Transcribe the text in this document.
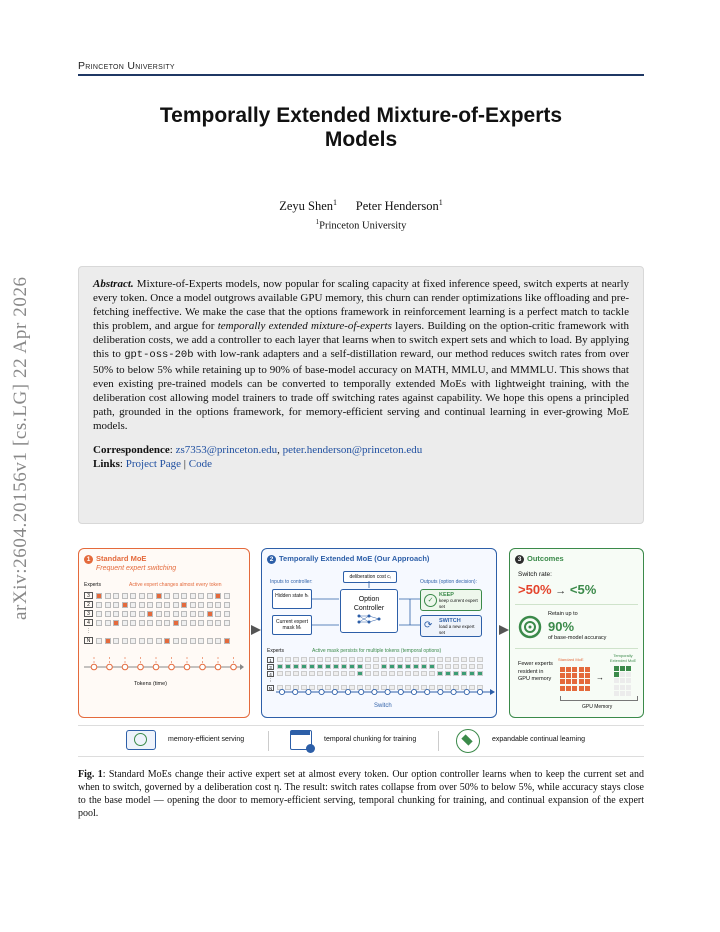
Princeton University
Temporally Extended Mixture-of-Experts
Models
Zeyu Shen$^1$ Peter Henderson$^1$
$^1$Princeton University
arXiv:2604.20156v1 [cs.LG] 22 Apr 2026	Abstract. Mixture-of-Experts models, now popular for scaling capacity at fixed inference speed, switch experts at nearly every token. Once a model outgrows available GPU memory, this churn can render optimizations like offloading and pre-fetching ineffective. We make the case that the options framework in reinforcement learning is a perfect match to tackle this problem, and argue for temporally extended mixture-of-experts layers. Building on the option-critic framework with deliberation costs, we add a controller to each layer that learns when to switch expert sets and which to load. By applying this to gpt-oss-20b with low-rank adapters and a self-distillation reward, our method reduces switch rates from over 50% to below 5% while retaining up to 90% of base-model accuracy on MATH, MMLU, and MMMLU. This shows that even existing pre-trained models can be converted to temporally extended MoEs with lightweight training, with the deliberation cost allowing model trainers to trade off switching rates against capability. We hope this opens a principled path, grounded in the options framework, for memory-efficient serving and continual learning in ever-growing MoE models.
Correspondence: zs7353@princeton.edu, peter.henderson@princeton.edu
Links: Project Page | Code
1 Standard MoE
Frequent expert switching
Experts	Active expert changes almost every token
3
2
3
4
⋮
N
Tokens (time)
2 Temporally Extended MoE (Our Approach)
Inputs to controller:
deliberation cost cᵢ
Outputs (option decision):
Hidden state hₜ
Current expert mask Mₜ
Option Controller
✓
KEEP
keep current expert set
⟳ SWITCH
load a new expert set
Experts	Active mask persists for multiple tokens (temporal options)
1
3
4
⋮
N
Switch
3 Outcomes
Switch rate:
>50% → <5%
Retain up to
90%
of base-model accuracy
Fewer experts resident in GPU memory
Standard MoE
Temporally Extended MoE
→
GPU Memory
memory-efficient serving	temporal chunking for training	expandable continual learning
Fig. 1: Standard MoEs change their active expert set at almost every token. Our option controller learns when to keep the current set and when to switch, governed by a deliberation cost η. The result: switch rates collapse from over 50% to below 5%, while accuracy stays close to the base model — opening the door to memory-efficient serving, temporal chunking for training, and continual expansion of the expert pool.
